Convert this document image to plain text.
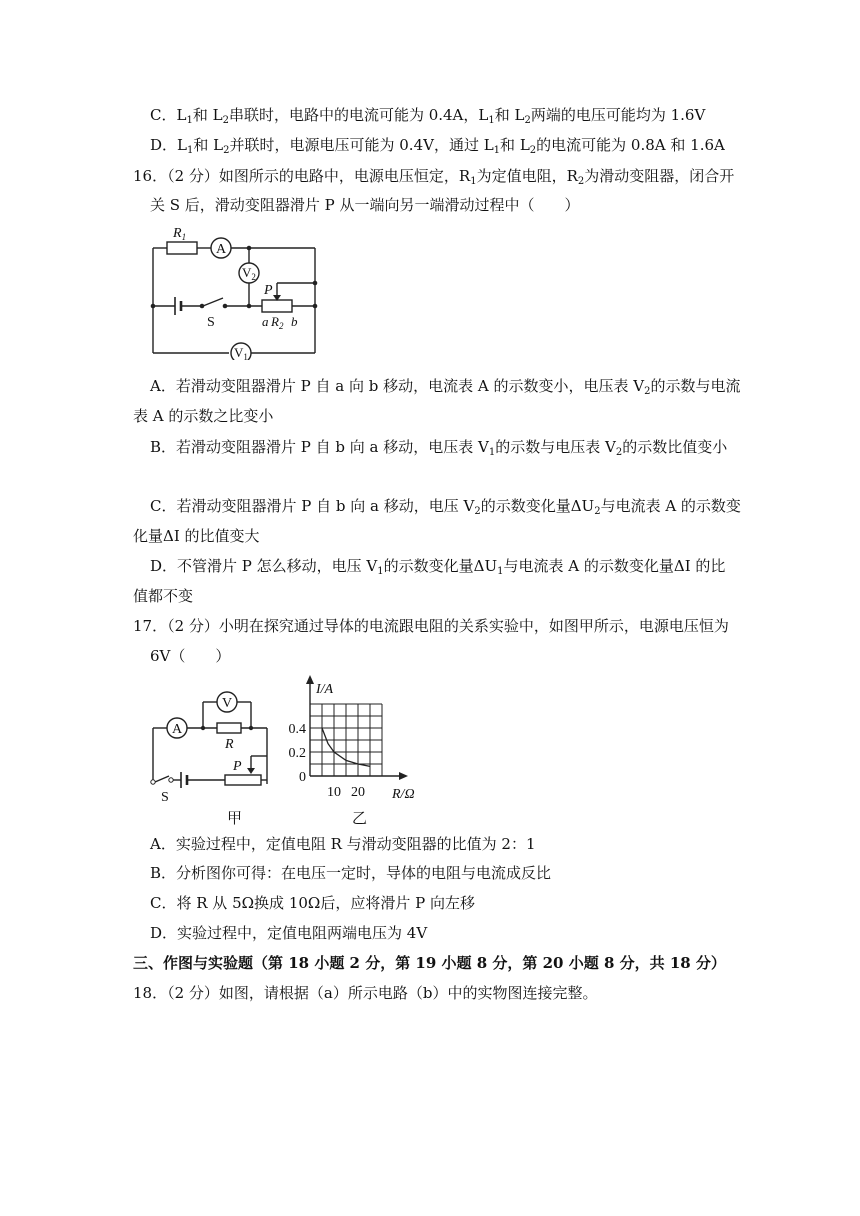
C．$L_1$和 $L_2$串联时，电路中的电流可能为 0.4A，$L_1$和 $L_2$两端的电压可能均为 1.6V
D．$L_1$和 $L_2$并联时，电源电压可能为 0.4V，通过 $L_1$和 $L_2$的电流可能为 0.8A 和 1.6A
16．（2 分）如图所示的电路中，电源电压恒定，$R_1$为定值电阻，$R_2$为滑动变阻器，闭合开
关 S 后，滑动变阻器滑片 P 从一端向另一端滑动过程中（　　）
$R_1$
A
$V_2$
P
S	a $R_2$ b
$V_1$
A．若滑动变阻器滑片 P 自 a 向 b 移动，电流表 A 的示数变小，电压表 $V_2$的示数与电流
表 A 的示数之比变小
B．若滑动变阻器滑片 P 自 b 向 a 移动，电压表 $V_1$的示数与电压表 $V_2$的示数比值变小
C．若滑动变阻器滑片 P 自 b 向 a 移动，电压 $V_2$的示数变化量$\Delta U_2$与电流表 A 的示数变
化量ΔI 的比值变大
D．不管滑片 P 怎么移动，电压 $V_1$的示数变化量$\Delta U_1$与电流表 A 的示数变化量ΔI 的比
值都不变
17．（2 分）小明在探究通过导体的电流跟电阻的关系实验中，如图甲所示，电源电压恒为
6V（　　）
V
A
R
P
S
甲
I/A
R/Ω
乙
0
0.2
0.4
10 20
A．实验过程中，定值电阻 R 与滑动变阻器的比值为 2：1
B．分析图你可得：在电压一定时，导体的电阻与电流成反比
C．将 R 从 5Ω换成 10Ω后，应将滑片 P 向左移
D．实验过程中，定值电阻两端电压为 4V
三、作图与实验题（第 18 小题 2 分，第 19 小题 8 分，第 20 小题 8 分，共 18 分）
18．（2 分）如图，请根据（a）所示电路（b）中的实物图连接完整。
